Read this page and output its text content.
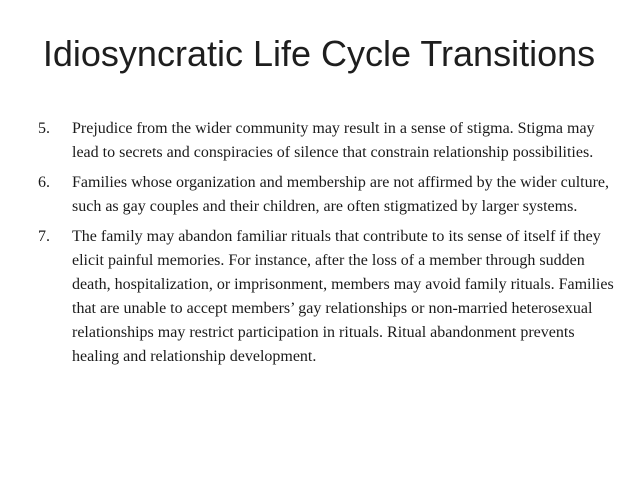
Idiosyncratic Life Cycle Transitions
5.	Prejudice from the wider community may result in a sense of stigma. Stigma may lead to secrets and conspiracies of silence that constrain relationship possibilities.
6.	Families whose organization and membership are not affirmed by the wider culture, such as gay couples and their children, are often stigmatized by larger systems.
7.	The family may abandon familiar rituals that contribute to its sense of itself if they elicit painful memories. For instance, after the loss of a member through sudden death, hospitalization, or imprisonment, members may avoid family rituals. Families that are unable to accept members’ gay relationships or non-married heterosexual relationships may restrict participation in rituals. Ritual abandonment prevents healing and relationship development.
